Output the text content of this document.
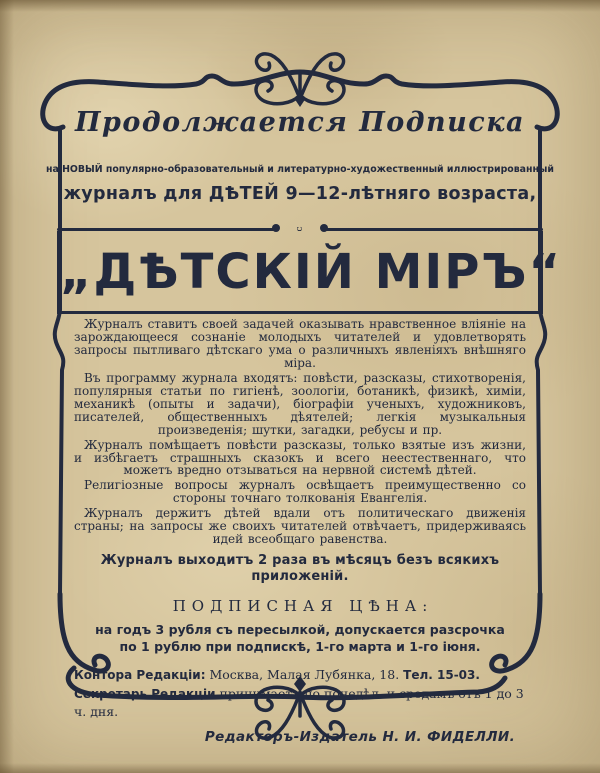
Продолжается Подписка
на НОВЫЙ популярно-образовательный и литературно-художественный иллюстрированный
журналъ для ДѢТЕЙ 9—12-лѣтняго возраста,
с
„ДѢТСКІЙ МІРЪ“

Журналъ ставитъ своей задачей оказывать нравственное вліяніе на зарождающееся сознаніе молодыхъ читателей и удовлетворять запросы пытливаго дѣтскаго ума о различныхъ явленіяхъ внѣшняго міра.

Въ программу журнала входятъ: повѣсти, разсказы, стихотворенія, популярныя статьи по гигіенѣ, зоологіи, ботаникѣ, физикѣ, химіи, механикѣ (опыты и задачи), біографіи ученыхъ, художниковъ, писателей, общественныхъ дѣятелей; легкія музыкальныя произведенія; шутки, загадки, ребусы и пр.

Журналъ помѣщаетъ повѣсти разсказы, только взятые изъ жизни, и избѣгаетъ страшныхъ сказокъ и всего неестественнаго, что можетъ вредно отзываться на нервной системѣ дѣтей.

Религіозные вопросы журналъ освѣщаетъ преимущественно со стороны точнаго толкованія Евангелія.

Журналъ держитъ дѣтей вдали отъ политическаго движенія страны; на запросы же своихъ читателей отвѣчаетъ, придерживаясь идей всеобщаго равенства.

Журналъ выходитъ 2 раза въ мѣсяцъ безъ всякихъ приложеній.
ПОДПИСНАЯ ЦѢНА:
на годъ 3 рубля съ пересылкой, допускается разсрочка по 1 рублю при подпискѣ, 1-го марта и 1-го іюня.
Контора Редакціи: Москва, Малая Лубянка, 18. Тел. 15-03.
Секретарь Редакціи принимаетъ по понедѣл. и средамъ отъ 1 до 3 ч. дня.
Редакторъ-Издатель Н. И. ФИДЕЛЛИ.
